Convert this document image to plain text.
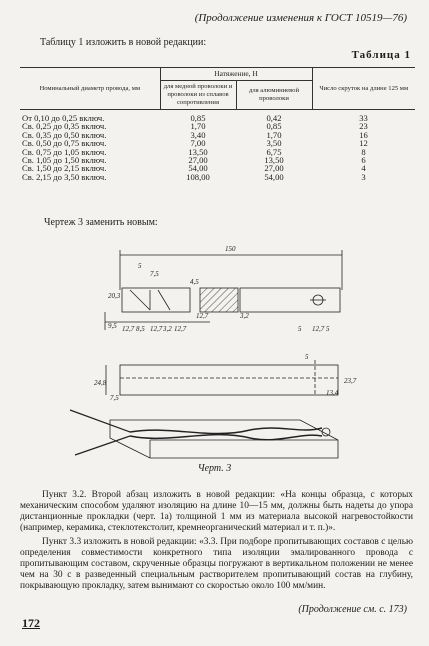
(Продолжение изменения к ГОСТ 10519—76)
Таблицу 1 изложить в новой редакции:
Таблица 1
Номинальный диаметр провода, мм	Натяжение, Н		Число скруток на длине 125 мм
	для медной проволоки и проволоки из сплавов сопротивления	для алюминиевой проволоки	
От 0,10 до 0,25 включ.	0,85	0,42	33
Св. 0,25 до 0,35 включ.	1,70	0,85	23
Св. 0,35 до 0,50 включ.	3,40	1,70	16
Св. 0,50 до 0,75 включ.	7,00	3,50	12
Св. 0,75 до 1,05 включ.	13,50	6,75	8
Св. 1,05 до 1,50 включ.	27,00	13,50	6
Св. 1,50 до 2,15 включ.	54,00	27,00	4
Св. 2,15 до 3,50 включ.	108,00	54,00	3
Чертеж 3 заменить новым:
150
5
7,5
20,3
4,5
9,5 12,7 8,5 12,7 3,2 12,7	5 12,7 5
5
12,7	3,2
24,8
7,5
23,7
13,4
Черт. 3
Пункт 3.2. Второй абзац изложить в новой редакции: «На концы образца, с которых механическим способом удаляют изоляцию на длине 10—15 мм, должны быть надеты до упора дистанционные прокладки (черт. 1а) толщиной 1 мм из материала высокой нагревостойкости (например, керамика, стеклотекстолит, кремнеорганический материал и т. п.)».
Пункт 3.3 изложить в новой редакции: «3.3. При подборе пропитывающих составов с целью определения совместимости конкретного типа изоляции эмалированного провода с пропитывающим составом, скрученные образцы погружают в вертикальном положении не менее чем на 30 с в разведенный специальным растворителем пропитывающий состав на глубину, покрывающую прокладку, затем вынимают со скоростью около 100 мм/мин.
(Продолжение см. с. 173)
172
